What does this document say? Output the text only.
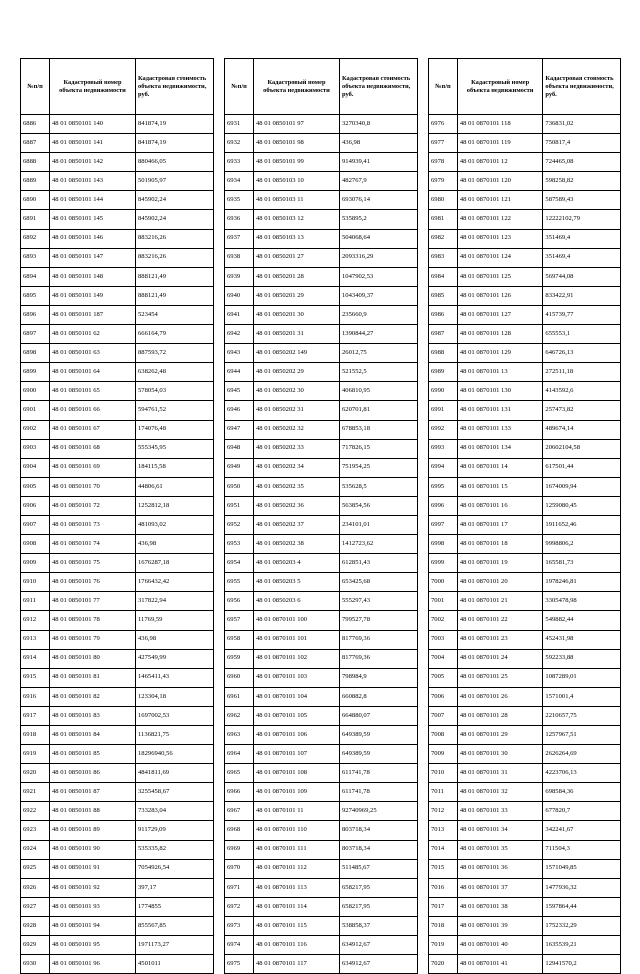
№п/п	Кадастровый номер объекта недвижимости	Кадастровая стоимость объекта недвижимости, руб.
6886	48 01 0850101 140	841874,19
6887	48 01 0850101 141	841874,19
6888	48 01 0850101 142	880466,05
6889	48 01 0850101 143	501905,97
6890	48 01 0850101 144	845902,24
6891	48 01 0850101 145	845902,24
6892	48 01 0850101 146	883216,26
6893	48 01 0850101 147	883216,26
6894	48 01 0850101 148	888121,49
6895	48 01 0850101 149	888121,49
6896	48 01 0850101 187	523454
6897	48 01 0850101 62	666164,79
6898	48 01 0850101 63	887593,72
6899	48 01 0850101 64	638262,48
6900	48 01 0850101 65	578054,03
6901	48 01 0850101 66	594761,52
6902	48 01 0850101 67	174076,48
6903	48 01 0850101 68	555345,95
6904	48 01 0850101 69	184115,58
6905	48 01 0850101 70	44806,61
6906	48 01 0850101 72	1252812,18
6907	48 01 0850101 73	481093,02
6908	48 01 0850101 74	436,98
6909	48 01 0850101 75	1676287,18
6910	48 01 0850101 76	1766432,42
6911	48 01 0850101 77	317822,94
6912	48 01 0850101 78	11769,59
6913	48 01 0850101 79	436,98
6914	48 01 0850101 80	427549,99
6915	48 01 0850101 81	1465411,43
6916	48 01 0850101 82	123304,18
6917	48 01 0850101 83	1697002,53
6918	48 01 0850101 84	1136821,75
6919	48 01 0850101 85	18296940,56
6920	48 01 0850101 86	4841811,69
6921	48 01 0850101 87	3255458,67
6922	48 01 0850101 88	733283,04
6923	48 01 0850101 89	911729,09
6924	48 01 0850101 90	535335,82
6925	48 01 0850101 91	7054926,54
6926	48 01 0850101 92	397,17
6927	48 01 0850101 93	1774855
6928	48 01 0850101 94	855567,85
6929	48 01 0850101 95	1971173,27
6930	48 01 0850101 96	4501011
№п/п	Кадастровый номер объекта недвижимости	Кадастровая стоимость объекта недвижимости, руб.
6931	48 01 0850101 97	3270340,8
6932	48 01 0850101 98	436,98
6933	48 01 0850101 99	914939,41
6934	48 01 0850103 10	482767,9
6935	48 01 0850103 11	693076,14
6936	48 01 0850103 12	535895,2
6937	48 01 0850103 13	504068,64
6938	48 01 0850201 27	2093316,29
6939	48 01 0850201 28	1047902,53
6940	48 01 0850201 29	1043409,37
6941	48 01 0850201 30	235660,9
6942	48 01 0850201 31	1390844,27
6943	48 01 0850202 149	26012,75
6944	48 01 0850202 29	521552,5
6945	48 01 0850202 30	406810,95
6946	48 01 0850202 31	620701,81
6947	48 01 0850202 32	678853,18
6948	48 01 0850202 33	717826,15
6949	48 01 0850202 34	751954,25
6950	48 01 0850202 35	535628,5
6951	48 01 0850202 36	563854,56
6952	48 01 0850202 37	234101,01
6953	48 01 0850202 38	1412723,62
6954	48 01 0850203 4	612851,43
6955	48 01 0850203 5	653425,68
6956	48 01 0850203 6	555297,43
6957	48 01 0870101 100	799527,78
6958	48 01 0870101 101	817769,36
6959	48 01 0870101 102	817769,36
6960	48 01 0870101 103	798984,9
6961	48 01 0870101 104	660882,8
6962	48 01 0870101 105	664880,07
6963	48 01 0870101 106	649389,59
6964	48 01 0870101 107	649389,59
6965	48 01 0870101 108	611741,78
6966	48 01 0870101 109	611741,78
6967	48 01 0870101 11	92740969,25
6968	48 01 0870101 110	803718,34
6969	48 01 0870101 111	803718,34
6970	48 01 0870101 112	511485,67
6971	48 01 0870101 113	658217,95
6972	48 01 0870101 114	658217,95
6973	48 01 0870101 115	538858,37
6974	48 01 0870101 116	634912,67
6975	48 01 0870101 117	634912,67
№п/п	Кадастровый номер объекта недвижимости	Кадастровая стоимость объекта недвижимости, руб.
6976	48 01 0870101 118	736831,02
6977	48 01 0870101 119	750817,4
6978	48 01 0870101 12	724465,08
6979	48 01 0870101 120	598258,82
6980	48 01 0870101 121	587589,43
6981	48 01 0870101 122	12222102,79
6982	48 01 0870101 123	351469,4
6983	48 01 0870101 124	351469,4
6984	48 01 0870101 125	569744,08
6985	48 01 0870101 126	833422,91
6986	48 01 0870101 127	415739,77
6987	48 01 0870101 128	655553,1
6988	48 01 0870101 129	646726,13
6989	48 01 0870101 13	272511,18
6990	48 01 0870101 130	4143592,6
6991	48 01 0870101 131	257473,82
6992	48 01 0870101 133	489674,14
6993	48 01 0870101 134	20602104,58
6994	48 01 0870101 14	617501,44
6995	48 01 0870101 15	1674009,94
6996	48 01 0870101 16	1259080,45
6997	48 01 0870101 17	1911652,46
6998	48 01 0870101 18	9998806,2
6999	48 01 0870101 19	165581,73
7000	48 01 0870101 20	1978246,81
7001	48 01 0870101 21	3305478,98
7002	48 01 0870101 22	549882,44
7003	48 01 0870101 23	452431,98
7004	48 01 0870101 24	592233,88
7005	48 01 0870101 25	1087289,01
7006	48 01 0870101 26	1571001,4
7007	48 01 0870101 28	2210657,75
7008	48 01 0870101 29	1257967,51
7009	48 01 0870101 30	2626264,69
7010	48 01 0870101 31	4223706,13
7011	48 01 0870101 32	698584,36
7012	48 01 0870101 33	677820,7
7013	48 01 0870101 34	342241,67
7014	48 01 0870101 35	711504,3
7015	48 01 0870101 36	1571049,85
7016	48 01 0870101 37	1477936,32
7017	48 01 0870101 38	1597864,44
7018	48 01 0870101 39	1752332,29
7019	48 01 0870101 40	1635539,21
7020	48 01 0870101 41	12941570,2
